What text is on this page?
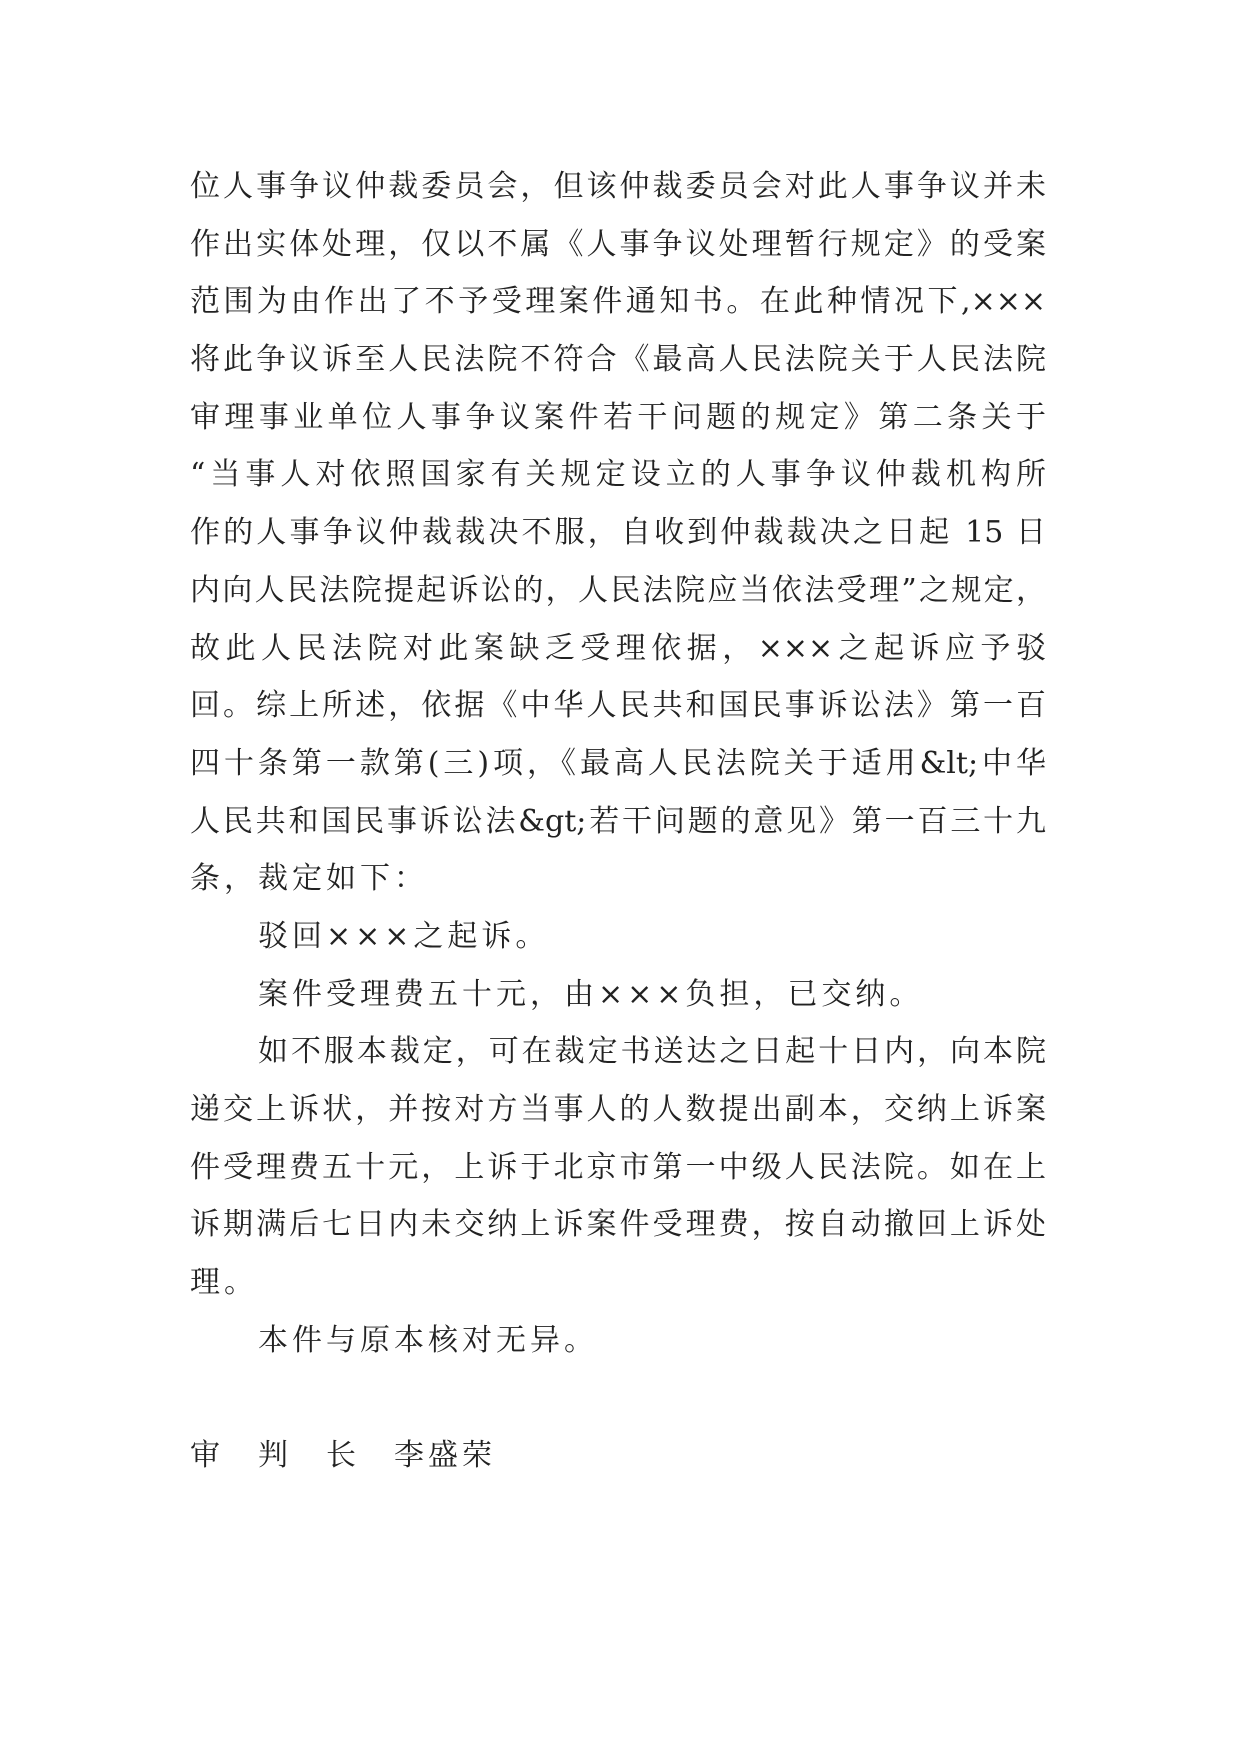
位人事争议仲裁委员会，但该仲裁委员会对此人事争议并未
作出实体处理，仅以不属《人事争议处理暂行规定》的受案
范围为由作出了不予受理案件通知书。在此种情况下,×××
将此争议诉至人民法院不符合《最高人民法院关于人民法院
审理事业单位人事争议案件若干问题的规定》第二条关于
“当事人对依照国家有关规定设立的人事争议仲裁机构所
作的人事争议仲裁裁决不服，自收到仲裁裁决之日起 15 日
内向人民法院提起诉讼的，人民法院应当依法受理”之规定，
故此人民法院对此案缺乏受理依据，×××之起诉应予驳
回。综上所述，依据《中华人民共和国民事诉讼法》第一百
四十条第一款第(三)项，《最高人民法院关于适用&lt;中华
人民共和国民事诉讼法&gt;若干问题的意见》第一百三十九
条，裁定如下：
驳回×××之起诉。
案件受理费五十元，由×××负担，已交纳。
如不服本裁定，可在裁定书送达之日起十日内，向本院
递交上诉状，并按对方当事人的人数提出副本，交纳上诉案
件受理费五十元，上诉于北京市第一中级人民法院。如在上
诉期满后七日内未交纳上诉案件受理费，按自动撤回上诉处
理。
本件与原本核对无异。
审　判　长　 李盛荣
